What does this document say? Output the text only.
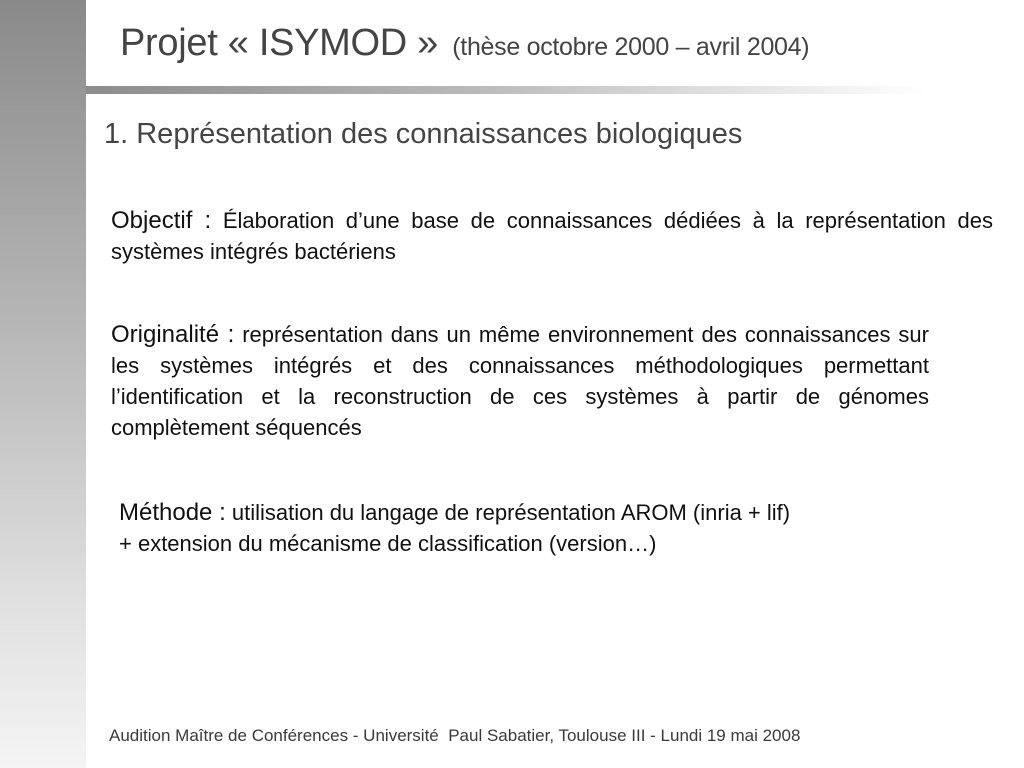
Projet « ISYMOD » (thèse octobre 2000 – avril 2004)
1. Représentation des connaissances biologiques

Objectif : Élaboration d’une base de connaissances dédiées à la représentation des systèmes intégrés bactériens

Originalité : représentation dans un même environnement des connaissances sur les systèmes intégrés et des connaissances méthodologiques permettant l’identification et la reconstruction de ces systèmes à partir de génomes complètement séquencés

Méthode : utilisation du langage de représentation AROM (inria + lif)
+ extension du mécanisme de classification (version…)

Audition Maître de Conférences - Université  Paul Sabatier, Toulouse III - Lundi 19 mai 2008
